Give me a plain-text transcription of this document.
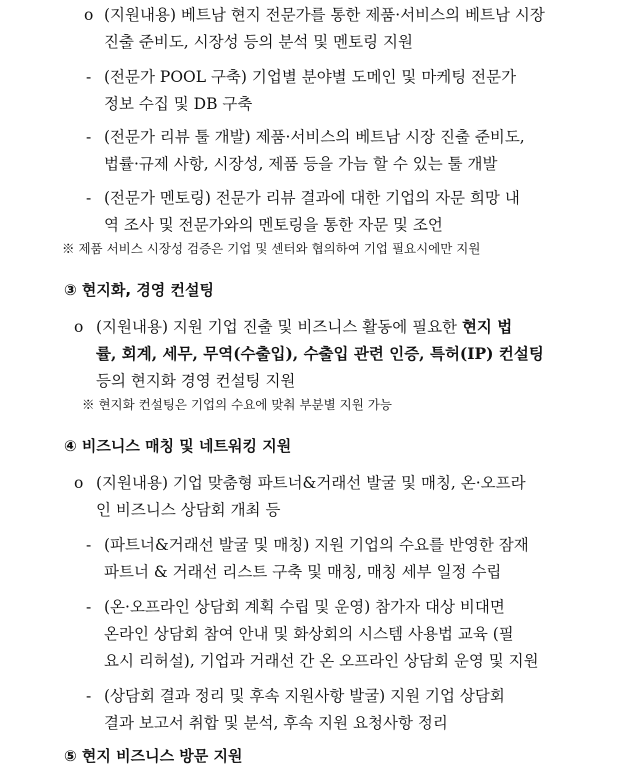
o (지원내용) 베트남 현지 전문가를 통한 제품·서비스의 베트남 시장
진출 준비도, 시장성 등의 분석 및 멘토링 지원
- (전문가 POOL 구축) 기업별 분야별 도메인 및 마케팅 전문가
정보 수집 및 DB 구축
- (전문가 리뷰 툴 개발) 제품·서비스의 베트남 시장 진출 준비도,
법률·규제 사항, 시장성, 제품 등을 가늠 할 수 있는 툴 개발
- (전문가 멘토링) 전문가 리뷰 결과에 대한 기업의 자문 희망 내
역 조사 및 전문가와의 멘토링을 통한 자문 및 조언
※ 제품 서비스 시장성 검증은 기업 및 센터와 협의하여 기업 필요시에만 지원
③ 현지화, 경영 컨설팅
o (지원내용) 지원 기업 진출 및 비즈니스 활동에 필요한 현지 법
률, 회계, 세무, 무역(수출입), 수출입 관련 인증, 특허(IP) 컨설팅
등의 현지화 경영 컨설팅 지원
※ 현지화 컨설팅은 기업의 수요에 맞춰 부분별 지원 가능
④ 비즈니스 매칭 및 네트워킹 지원
o (지원내용) 기업 맞춤형 파트너&거래선 발굴 및 매칭, 온·오프라
인 비즈니스 상담회 개최 등
- (파트너&거래선 발굴 및 매칭) 지원 기업의 수요를 반영한 잠재
파트너 & 거래선 리스트 구축 및 매칭, 매칭 세부 일정 수립
- (온·오프라인 상담회 계획 수립 및 운영) 참가자 대상 비대면
온라인 상담회 참여 안내 및 화상회의 시스템 사용법 교육 (필
요시 리허설), 기업과 거래선 간 온 오프라인 상담회 운영 및 지원
- (상담회 결과 정리 및 후속 지원사항 발굴) 지원 기업 상담회
결과 보고서 취합 및 분석, 후속 지원 요청사항 정리
⑤ 현지 비즈니스 방문 지원
